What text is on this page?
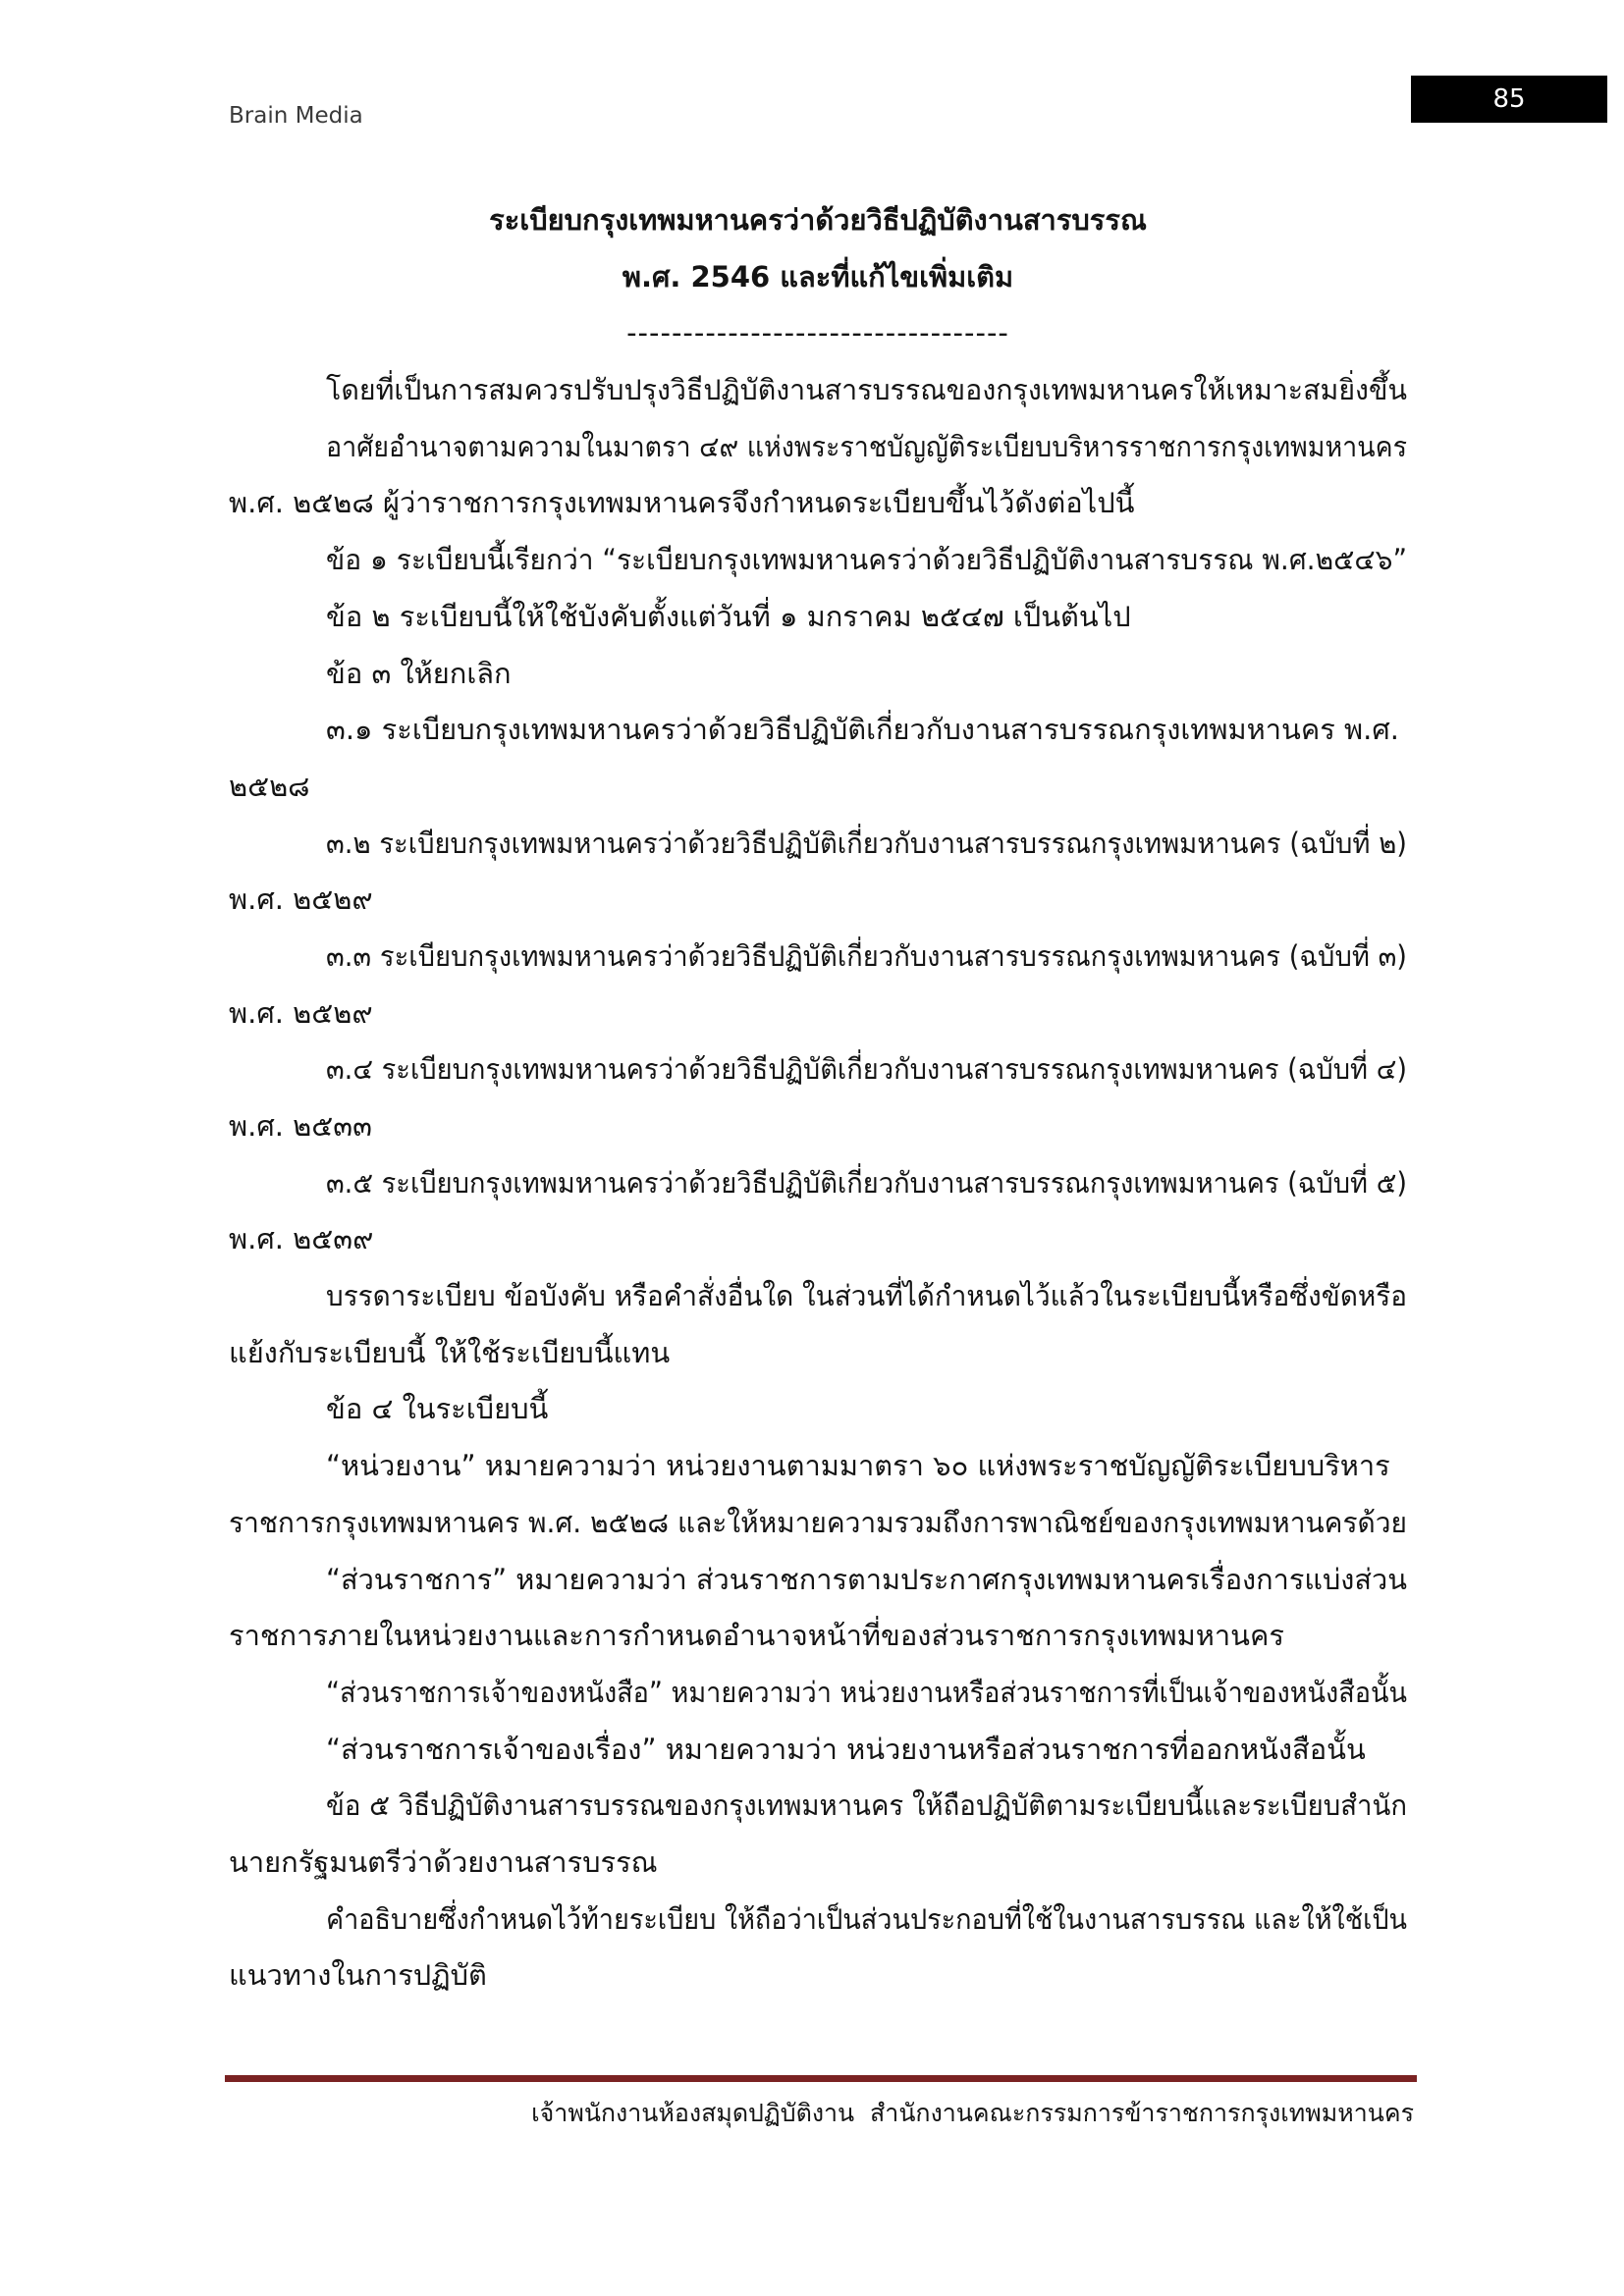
Brain Media
85
ระเบียบกรุงเทพมหานครว่าด้วยวิธีปฏิบัติงานสารบรรณ
พ.ศ. 2546 และที่แก้ไขเพิ่มเติม
----------------------------------
โดยที่เป็นการสมควรปรับปรุงวิธีปฏิบัติงานสารบรรณของกรุงเทพมหานครให้เหมาะสมยิ่งขึ้น
อาศัยอำนาจตามความในมาตรา ๔๙ แห่งพระราชบัญญัติระเบียบบริหารราชการกรุงเทพมหานคร
พ.ศ. ๒๕๒๘ ผู้ว่าราชการกรุงเทพมหานครจึงกำหนดระเบียบขึ้นไว้ดังต่อไปนี้
ข้อ ๑ ระเบียบนี้เรียกว่า “ระเบียบกรุงเทพมหานครว่าด้วยวิธีปฏิบัติงานสารบรรณ พ.ศ.๒๕๔๖”
ข้อ ๒ ระเบียบนี้ให้ใช้บังคับตั้งแต่วันที่ ๑ มกราคม ๒๕๔๗ เป็นต้นไป
ข้อ ๓ ให้ยกเลิก
๓.๑ ระเบียบกรุงเทพมหานครว่าด้วยวิธีปฏิบัติเกี่ยวกับงานสารบรรณกรุงเทพมหานคร พ.ศ.
๒๕๒๘
๓.๒ ระเบียบกรุงเทพมหานครว่าด้วยวิธีปฏิบัติเกี่ยวกับงานสารบรรณกรุงเทพมหานคร (ฉบับที่ ๒)
พ.ศ. ๒๕๒๙
๓.๓ ระเบียบกรุงเทพมหานครว่าด้วยวิธีปฏิบัติเกี่ยวกับงานสารบรรณกรุงเทพมหานคร (ฉบับที่ ๓)
พ.ศ. ๒๕๒๙
๓.๔ ระเบียบกรุงเทพมหานครว่าด้วยวิธีปฏิบัติเกี่ยวกับงานสารบรรณกรุงเทพมหานคร (ฉบับที่ ๔)
พ.ศ. ๒๕๓๓
๓.๕ ระเบียบกรุงเทพมหานครว่าด้วยวิธีปฏิบัติเกี่ยวกับงานสารบรรณกรุงเทพมหานคร (ฉบับที่ ๕)
พ.ศ. ๒๕๓๙
บรรดาระเบียบ ข้อบังคับ หรือคำสั่งอื่นใด ในส่วนที่ได้กำหนดไว้แล้วในระเบียบนี้หรือซึ่งขัดหรือ
แย้งกับระเบียบนี้ ให้ใช้ระเบียบนี้แทน
ข้อ ๔ ในระเบียบนี้
“หน่วยงาน” หมายความว่า หน่วยงานตามมาตรา ๖๐ แห่งพระราชบัญญัติระเบียบบริหาร
ราชการกรุงเทพมหานคร พ.ศ. ๒๕๒๘ และให้หมายความรวมถึงการพาณิชย์ของกรุงเทพมหานครด้วย
“ส่วนราชการ” หมายความว่า ส่วนราชการตามประกาศกรุงเทพมหานครเรื่องการแบ่งส่วน
ราชการภายในหน่วยงานและการกำหนดอำนาจหน้าที่ของส่วนราชการกรุงเทพมหานคร
“ส่วนราชการเจ้าของหนังสือ” หมายความว่า หน่วยงานหรือส่วนราชการที่เป็นเจ้าของหนังสือนั้น
“ส่วนราชการเจ้าของเรื่อง” หมายความว่า หน่วยงานหรือส่วนราชการที่ออกหนังสือนั้น
ข้อ ๕ วิธีปฏิบัติงานสารบรรณของกรุงเทพมหานคร ให้ถือปฏิบัติตามระเบียบนี้และระเบียบสำนัก
นายกรัฐมนตรีว่าด้วยงานสารบรรณ
คำอธิบายซึ่งกำหนดไว้ท้ายระเบียบ ให้ถือว่าเป็นส่วนประกอบที่ใช้ในงานสารบรรณ และให้ใช้เป็น
แนวทางในการปฏิบัติ
เจ้าพนักงานห้องสมุดปฏิบัติงาน  สำนักงานคณะกรรมการข้าราชการกรุงเทพมหานคร
